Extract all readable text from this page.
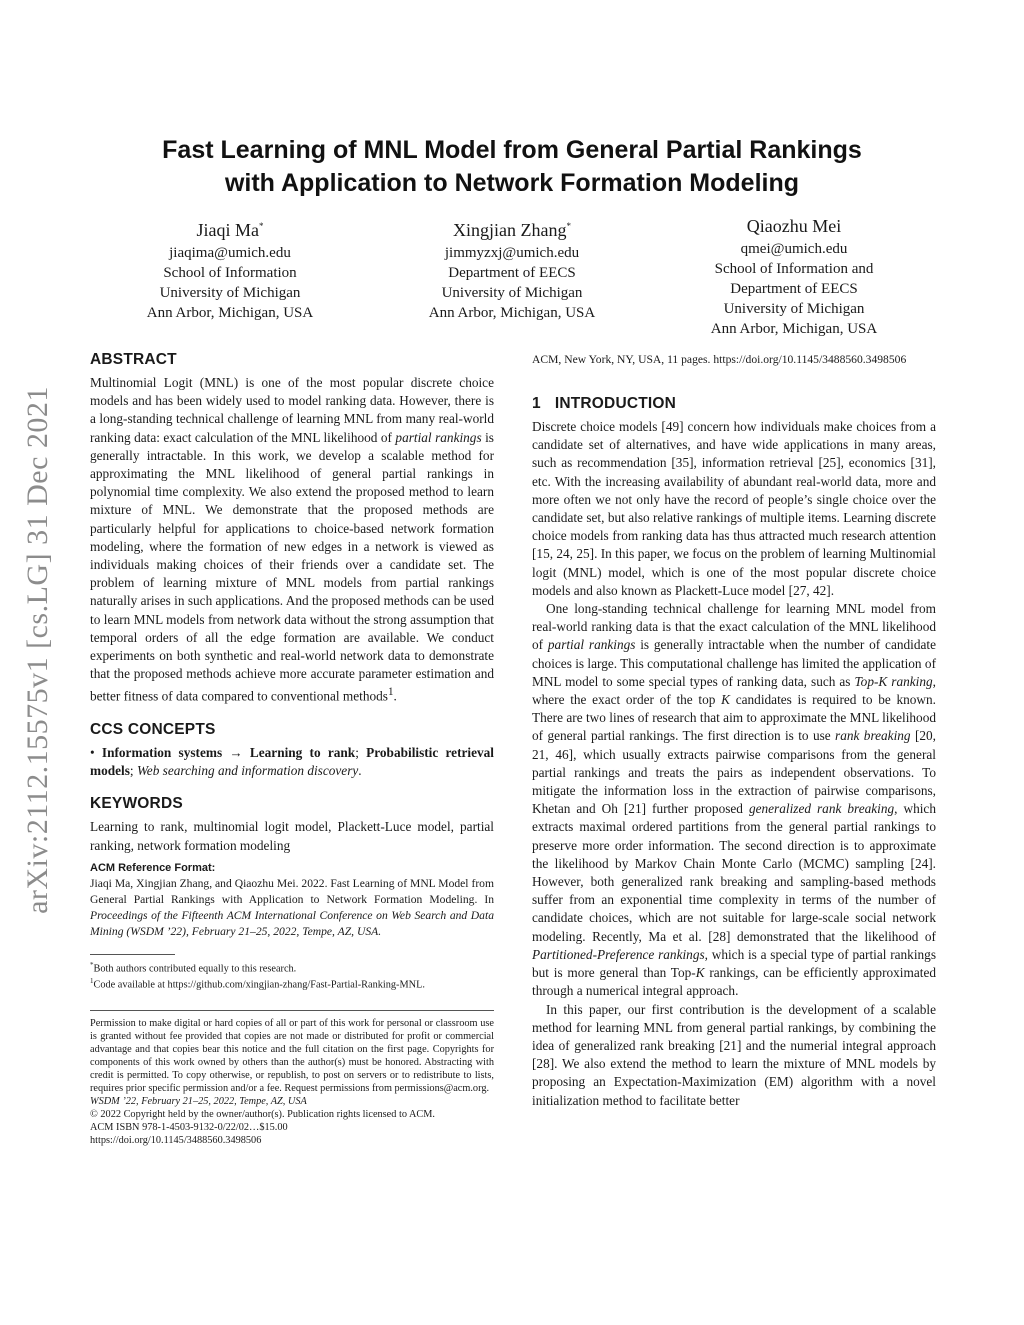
arXiv:2112.15575v1 [cs.LG] 31 Dec 2021
Fast Learning of MNL Model from General Partial Rankings
with Application to Network Formation Modeling
Jiaqi Ma*
jiaqima@umich.edu
School of Information
University of Michigan
Ann Arbor, Michigan, USA
Xingjian Zhang*
jimmyzxj@umich.edu
Department of EECS
University of Michigan
Ann Arbor, Michigan, USA
Qiaozhu Mei
qmei@umich.edu
School of Information and
Department of EECS
University of Michigan
Ann Arbor, Michigan, USA
ABSTRACT

Multinomial Logit (MNL) is one of the most popular discrete choice models and has been widely used to model ranking data. However, there is a long-standing technical challenge of learning MNL from many real-world ranking data: exact calculation of the MNL likelihood of partial rankings is generally intractable. In this work, we develop a scalable method for approximating the MNL likelihood of general partial rankings in polynomial time complexity. We also extend the proposed method to learn mixture of MNL. We demonstrate that the proposed methods are particularly helpful for applications to choice-based network formation modeling, where the formation of new edges in a network is viewed as individuals making choices of their friends over a candidate set. The problem of learning mixture of MNL models from partial rankings naturally arises in such applications. And the proposed methods can be used to learn MNL models from network data without the strong assumption that temporal orders of all the edge formation are available. We conduct experiments on both synthetic and real-world network data to demonstrate that the proposed methods achieve more accurate parameter estimation and better fitness of data compared to conventional methods$^1$.

CCS CONCEPTS

• Information systems → Learning to rank; Probabilistic retrieval models; Web searching and information discovery.

KEYWORDS

Learning to rank, multinomial logit model, Plackett-Luce model, partial ranking, network formation modeling

ACM Reference Format:

Jiaqi Ma, Xingjian Zhang, and Qiaozhu Mei. 2022. Fast Learning of MNL Model from General Partial Rankings with Application to Network Formation Modeling. In Proceedings of the Fifteenth ACM International Conference on Web Search and Data Mining (WSDM ’22), February 21–25, 2022, Tempe, AZ, USA.

*Both authors contributed equally to this research.

$^1$Code available at https://github.com/xingjian-zhang/Fast-Partial-Ranking-MNL.

Permission to make digital or hard copies of all or part of this work for personal or classroom use is granted without fee provided that copies are not made or distributed for profit or commercial advantage and that copies bear this notice and the full citation on the first page. Copyrights for components of this work owned by others than the author(s) must be honored. Abstracting with credit is permitted. To copy otherwise, or republish, to post on servers or to redistribute to lists, requires prior specific permission and/or a fee. Request permissions from permissions@acm.org.

WSDM ’22, February 21–25, 2022, Tempe, AZ, USA

© 2022 Copyright held by the owner/author(s). Publication rights licensed to ACM.

ACM ISBN 978-1-4503-9132-0/22/02…$15.00

https://doi.org/10.1145/3488560.3498506

ACM, New York, NY, USA, 11 pages. https://doi.org/10.1145/3488560.3498506

1 INTRODUCTION

Discrete choice models [49] concern how individuals make choices from a candidate set of alternatives, and have wide applications in many areas, such as recommendation [35], information retrieval [25], economics [31], etc. With the increasing availability of abundant real-world data, more and more often we not only have the record of people’s single choice over the candidate set, but also relative rankings of multiple items. Learning discrete choice models from ranking data has thus attracted much research attention [15, 24, 25]. In this paper, we focus on the problem of learning Multinomial logit (MNL) model, which is one of the most popular discrete choice models and also known as Plackett-Luce model [27, 42].

One long-standing technical challenge for learning MNL model from real-world ranking data is that the exact calculation of the MNL likelihood of partial rankings is generally intractable when the number of candidate choices is large. This computational challenge has limited the application of MNL model to some special types of ranking data, such as Top-K ranking, where the exact order of the top K candidates is required to be known. There are two lines of research that aim to approximate the MNL likelihood of general partial rankings. The first direction is to use rank breaking [20, 21, 46], which usually extracts pairwise comparisons from the general partial rankings and treats the pairs as independent observations. To mitigate the information loss in the extraction of pairwise comparisons, Khetan and Oh [21] further proposed generalized rank breaking, which extracts maximal ordered partitions from the general partial rankings to preserve more order information. The second direction is to approximate the likelihood by Markov Chain Monte Carlo (MCMC) sampling [24]. However, both generalized rank breaking and sampling-based methods suffer from an exponential time complexity in terms of the number of candidate choices, which are not suitable for large-scale social network modeling. Recently, Ma et al. [28] demonstrated that the likelihood of Partitioned-Preference rankings, which is a special type of partial rankings but is more general than Top-K rankings, can be efficiently approximated through a numerical integral approach.

In this paper, our first contribution is the development of a scalable method for learning MNL from general partial rankings, by combining the idea of generalized rank breaking [21] and the numerial integral approach [28]. We also extend the method to learn the mixture of MNL models by proposing an Expectation-Maximization (EM) algorithm with a novel initialization method to facilitate better
